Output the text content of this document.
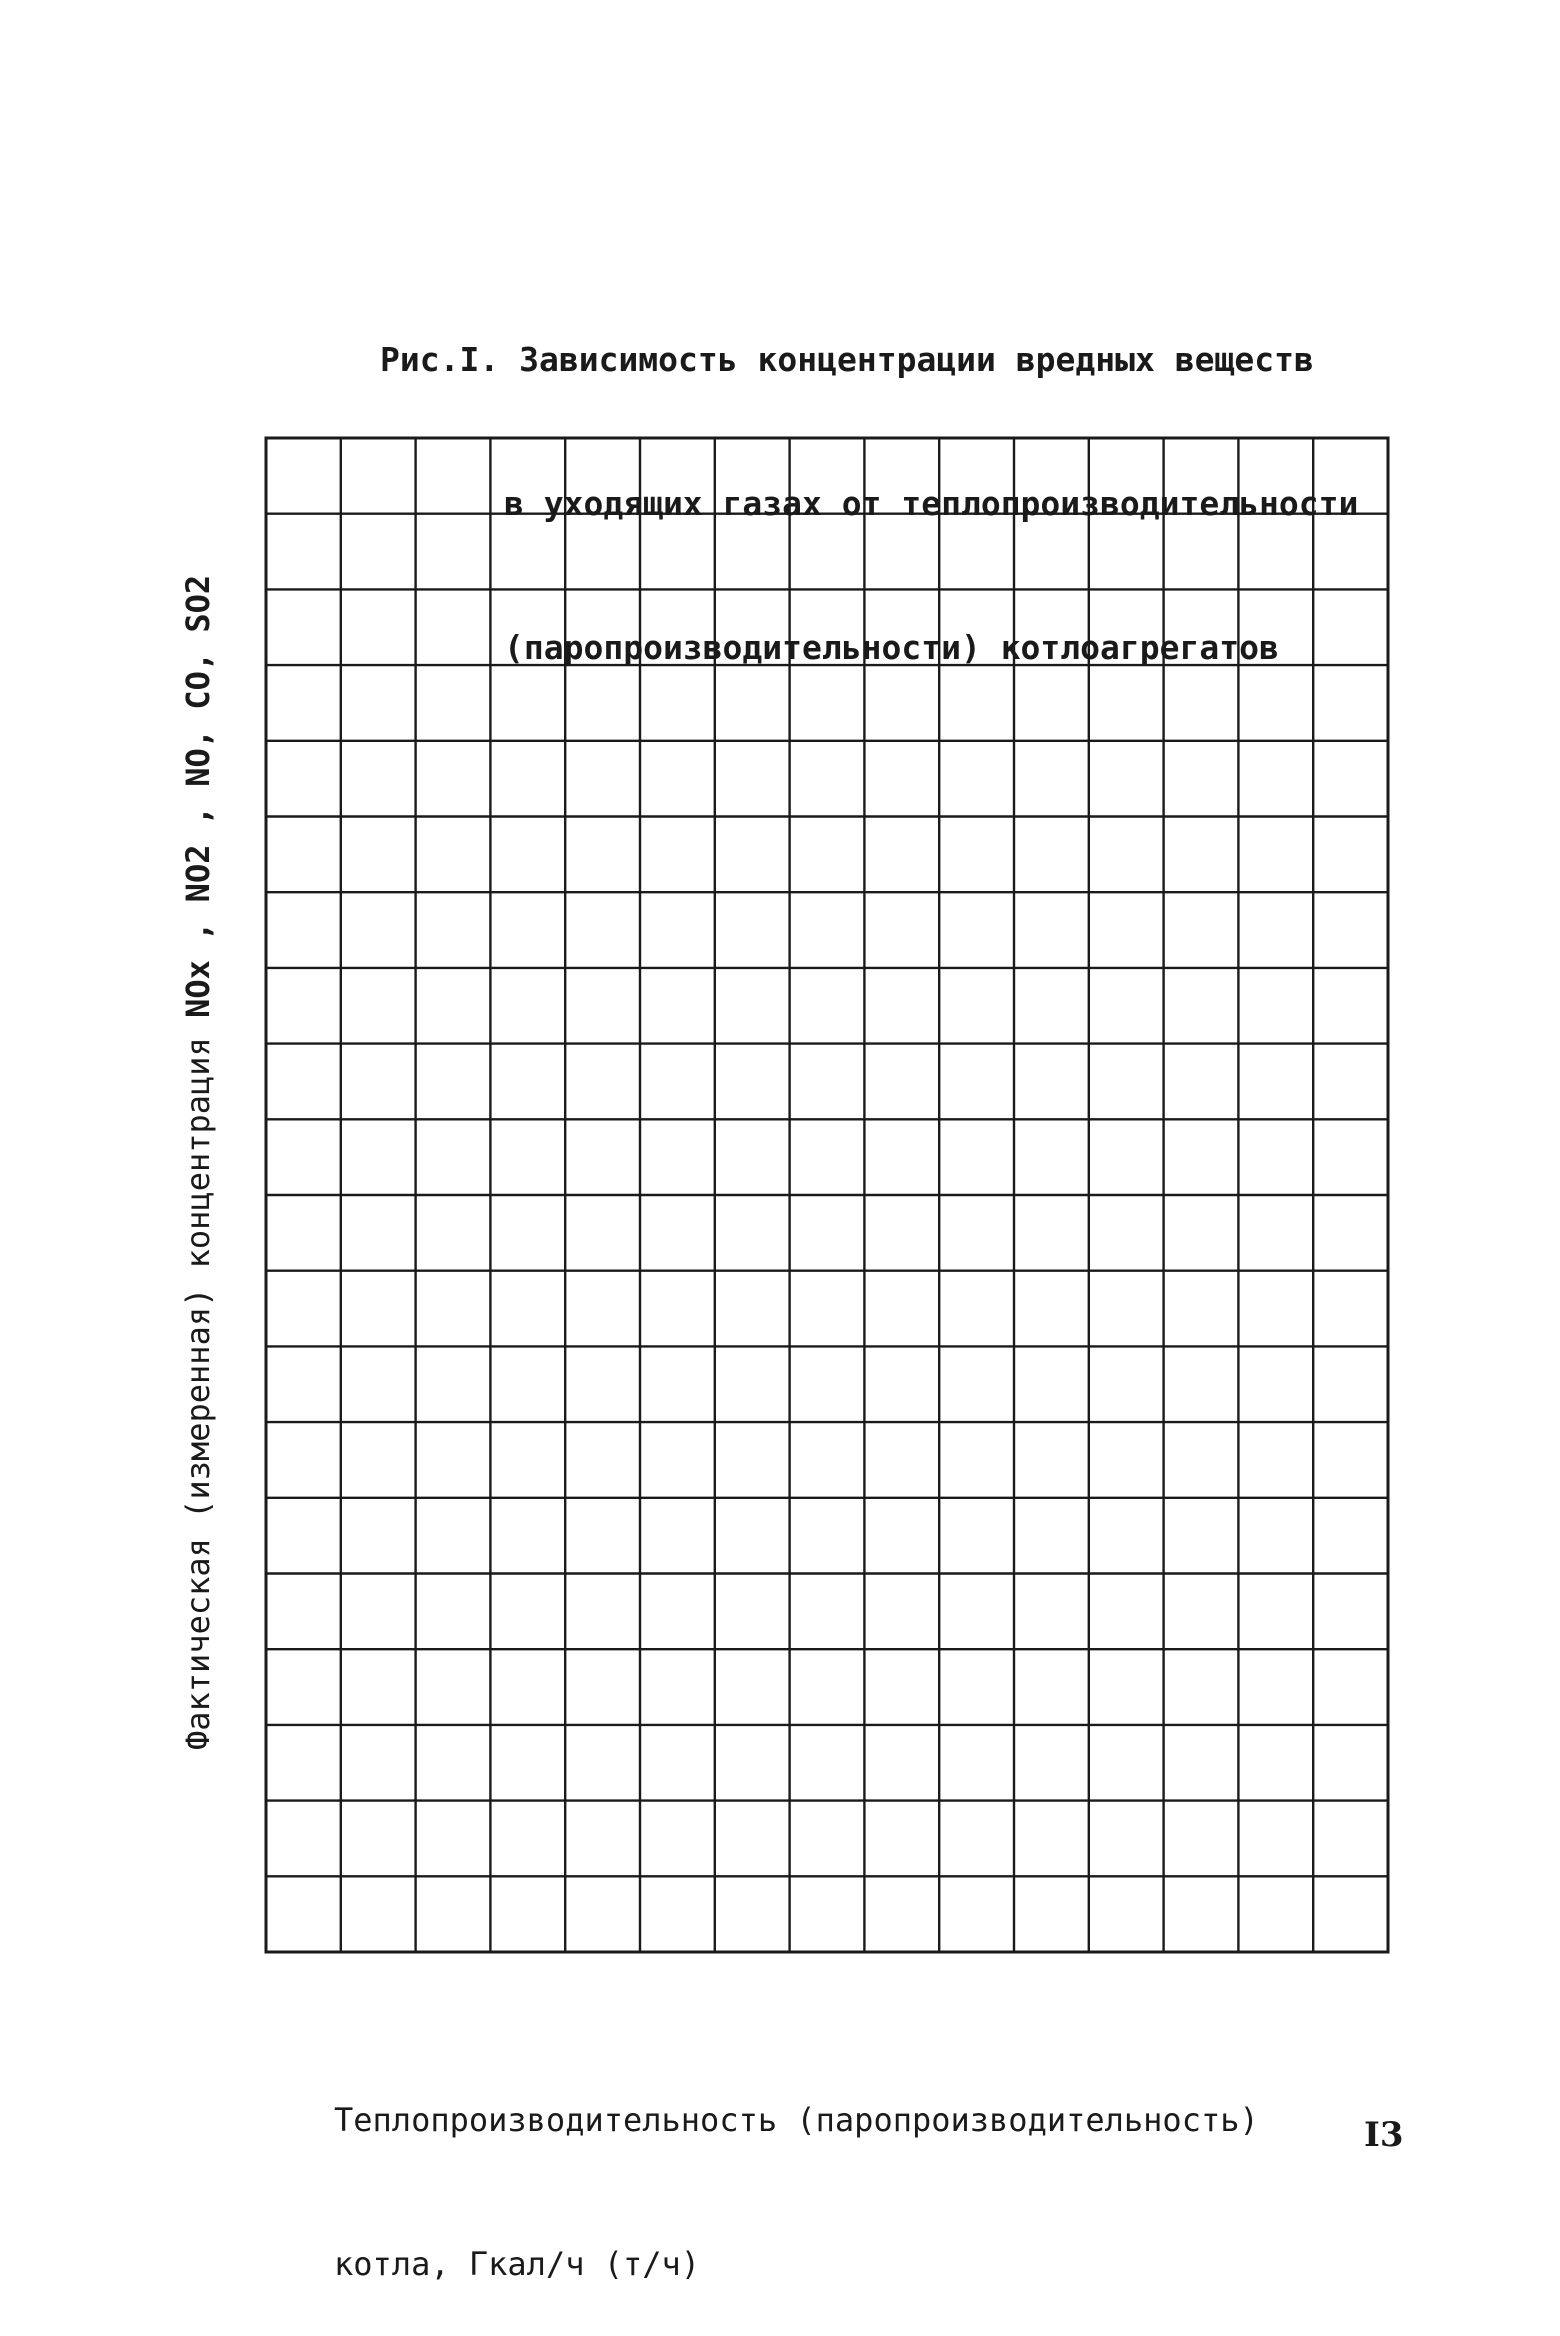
Рис.I. Зависимость концентрации вредных веществ

в уходящих газах от теплопроизводительности

(паропроизводительности) котлоагрегатов

Фактическая (измеренная) концентрация NOx , NO2 , NO, CO, SO2

Теплопроизводительность (паропроизводительность)

котла, Гкал/ч (т/ч)

I3
